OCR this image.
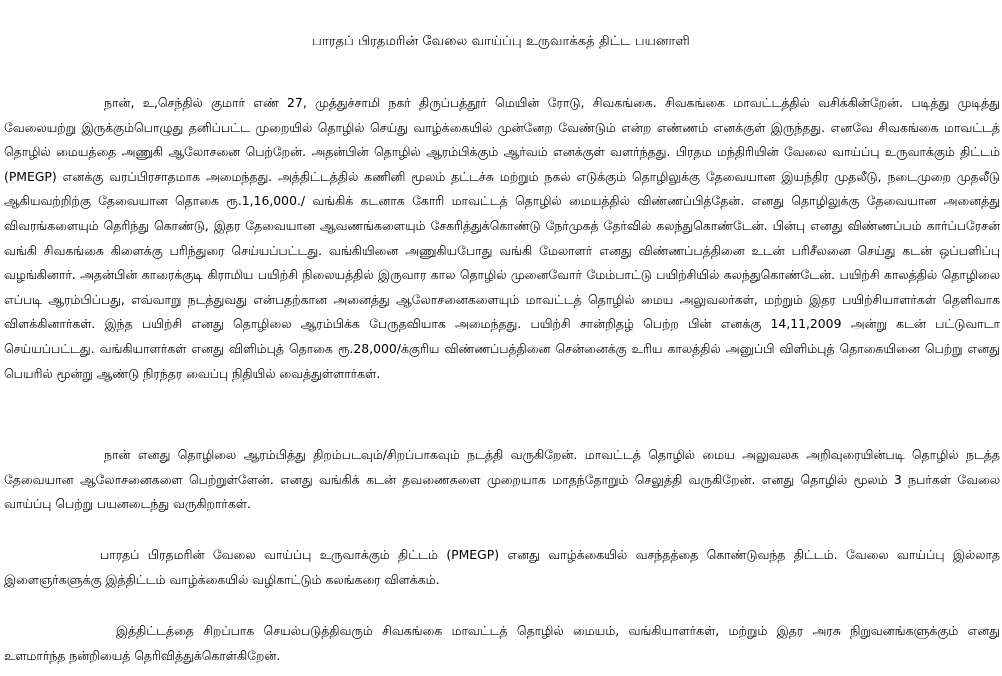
பாரதப் பிரதமரின் வேலை வாய்ப்பு உருவாக்கத் திட்ட பயனாளி

நான், உ,செந்தில் குமார் எண் 27, முத்துச்சாமி நகர் திருப்பத்தூர் மெயின் ரோடு, சிவகங்கை. சிவகங்கை மாவட்டத்தில் வசிக்கின்றேன். படித்து முடித்து வேலையற்று இருக்கும்பொழுது தனிப்பட்ட முறையில் தொழில் செய்து வாழ்க்கையில் முன்னேற வேண்டும் என்ற எண்ணம் எனக்குள் இருந்தது. எனவே சிவகங்கை மாவட்டத் தொழில் மையத்தை அணுகி ஆலோசனை பெற்றேன். அதன்பின் தொழில் ஆரம்பிக்கும் ஆர்வம் எனக்குள் வளர்ந்தது. பிரதம மந்திரியின் வேலை வாய்ப்பு உருவாக்கும் திட்டம் (PMEGP) எனக்கு வரப்பிரசாதமாக அமைந்தது. அத்திட்டத்தில் கணினி மூலம் தட்டச்சு மற்றும் நகல் எடுக்கும் தொழிலுக்கு தேவையான இயந்திர முதலீடு, நடைமுறை முதலீடு ஆகியவற்றிற்கு தேவையான தொகை ரூ.1,16,000./ வங்கிக் கடனாக கோரி மாவட்டத் தொழில் மையத்தில் விண்ணப்பித்தேன். எனது தொழிலுக்கு தேவையான அனைத்து விவரங்களையும் தெரிந்து கொண்டு, இதர தேவையான ஆவணங்களையும் சேகரித்துக்கொண்டு நேர்முகத் தேர்வில் கலந்துகொண்டேன். பின்பு எனது விண்ணப்பம் கார்ப்பரேசன் வங்கி சிவகங்கை கிளைக்கு பரிந்துரை செய்யப்பட்டது. வங்கியினை அணுகியபோது வங்கி மேலாளர் எனது விண்ணப்பத்தினை உடன் பரிசீலனை செய்து கடன் ஒப்பளிப்பு வழங்கினார். அதன்பின் காரைக்குடி கிராமிய பயிற்சி நிலையத்தில் இருவார கால தொழில் முனைவோர் மேம்பாட்டு பயிற்சியில் கலந்துகொண்டேன். பயிற்சி காலத்தில் தொழிலை எப்படி ஆரம்பிப்பது, எவ்வாறு நடத்துவது என்பதற்கான அனைத்து ஆலோசனைகளையும் மாவட்டத் தொழில் மைய அலுவலர்கள், மற்றும் இதர பயிற்சியாளர்கள் தெளிவாக விளக்கினார்கள். இந்த பயிற்சி எனது தொழிலை ஆரம்பிக்க பேருதவியாக அமைந்தது. பயிற்சி சான்றிதழ் பெற்ற பின் எனக்கு 14,11,2009 அன்று கடன் பட்டுவாடா செய்யப்பட்டது. வங்கியாளர்கள் எனது விளிம்புத் தொகை ரூ.28,000/க்குரிய விண்ணப்பத்தினை சென்னைக்கு உரிய காலத்தில் அனுப்பி விளிம்புத் தொகையினை பெற்று எனது பெயரில் மூன்று ஆண்டு நிரந்தர வைப்பு நிதியில் வைத்துள்ளார்கள்.

நான் எனது தொழிலை ஆரம்பித்து திறம்படவும்/சிறப்பாகவும் நடத்தி வருகிறேன். மாவட்டத் தொழில் மைய அலுவலக அறிவுரையின்படி தொழில் நடத்த தேவையான ஆலோசனைகளை பெற்றுள்ளேன். எனது வங்கிக் கடன் தவணைகளை முறையாக மாதந்தோறும் செலுத்தி வருகிறேன். எனது தொழில் மூலம் 3 நபர்கள் வேலை வாய்ப்பு பெற்று பயனடைந்து வருகிறார்கள்.

பாரதப் பிரதமரின் வேலை வாய்ப்பு உருவாக்கும் திட்டம் (PMEGP) எனது வாழ்க்கையில் வசந்தத்தை கொண்டுவந்த திட்டம். வேலை வாய்ப்பு இல்லாத இளைஞர்களுக்கு இத்திட்டம் வாழ்க்கையில் வழிகாட்டும் கலங்கரை விளக்கம்.

இத்திட்டத்தை சிறப்பாக செயல்படுத்திவரும் சிவகங்கை மாவட்டத் தொழில் மையம், வங்கியாளர்கள், மற்றும் இதர அரசு நிறுவனங்களுக்கும் எனது உளமார்ந்த நன்றியைத் தெரிவித்துக்கொள்கிறேன்.
